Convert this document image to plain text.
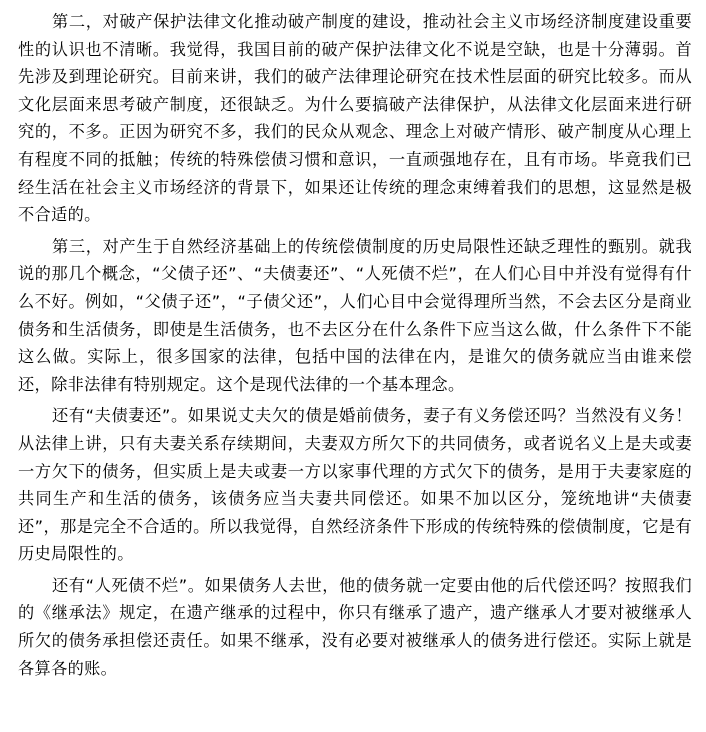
第二，对破产保护法律文化推动破产制度的建设，推动社会主义市场经济制度建设重要性的认识也不清晰。我觉得，我国目前的破产保护法律文化不说是空缺，也是十分薄弱。首先涉及到理论研究。目前来讲，我们的破产法律理论研究在技术性层面的研究比较多。而从文化层面来思考破产制度，还很缺乏。为什么要搞破产法律保护，从法律文化层面来进行研究的，不多。正因为研究不多，我们的民众从观念、理念上对破产情形、破产制度从心理上有程度不同的抵触；传统的特殊偿债习惯和意识，一直顽强地存在，且有市场。毕竟我们已经生活在社会主义市场经济的背景下，如果还让传统的理念束缚着我们的思想，这显然是极不合适的。

第三，对产生于自然经济基础上的传统偿债制度的历史局限性还缺乏理性的甄别。就我说的那几个概念，“父债子还”、“夫债妻还”、“人死债不烂”，在人们心目中并没有觉得有什么不好。例如，“父债子还”，“子债父还”，人们心目中会觉得理所当然，不会去区分是商业债务和生活债务，即使是生活债务，也不去区分在什么条件下应当这么做，什么条件下不能这么做。实际上，很多国家的法律，包括中国的法律在内，是谁欠的债务就应当由谁来偿还，除非法律有特别规定。这个是现代法律的一个基本理念。

还有“夫债妻还”。如果说丈夫欠的债是婚前债务，妻子有义务偿还吗？当然没有义务！从法律上讲，只有夫妻关系存续期间，夫妻双方所欠下的共同债务，或者说名义上是夫或妻一方欠下的债务，但实质上是夫或妻一方以家事代理的方式欠下的债务，是用于夫妻家庭的共同生产和生活的债务，该债务应当夫妻共同偿还。如果不加以区分，笼统地讲“夫债妻还”，那是完全不合适的。所以我觉得，自然经济条件下形成的传统特殊的偿债制度，它是有历史局限性的。

还有“人死债不烂”。如果债务人去世，他的债务就一定要由他的后代偿还吗？按照我们的《继承法》规定，在遗产继承的过程中，你只有继承了遗产，遗产继承人才要对被继承人所欠的债务承担偿还责任。如果不继承，没有必要对被继承人的债务进行偿还。实际上就是各算各的账。
